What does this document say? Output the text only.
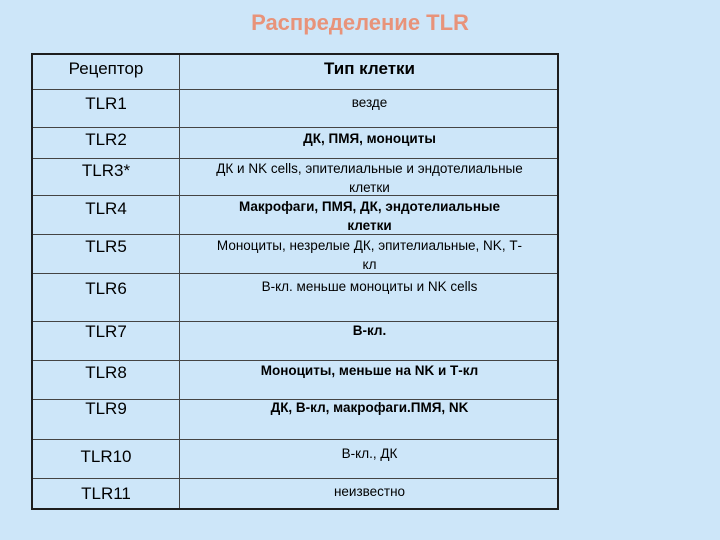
Распределение TLR
Рецептор	Тип клетки
TLR1	везде
TLR2	ДК, ПМЯ, моноциты
TLR3*	ДК и NK cells, эпителиальные и эндотелиальные
клетки
TLR4	Макрофаги, ПМЯ, ДК, эндотелиальные
клетки
TLR5	Моноциты, незрелые ДК, эпителиальные, NK, Т-
кл
TLR6	В-кл. меньше моноциты и NK cells
TLR7	В-кл.
TLR8	Моноциты, меньше на NK и Т-кл
TLR9	ДК, В-кл, макрофаги.ПМЯ, NK
TLR10	В-кл., ДК
TLR11	неизвестно
